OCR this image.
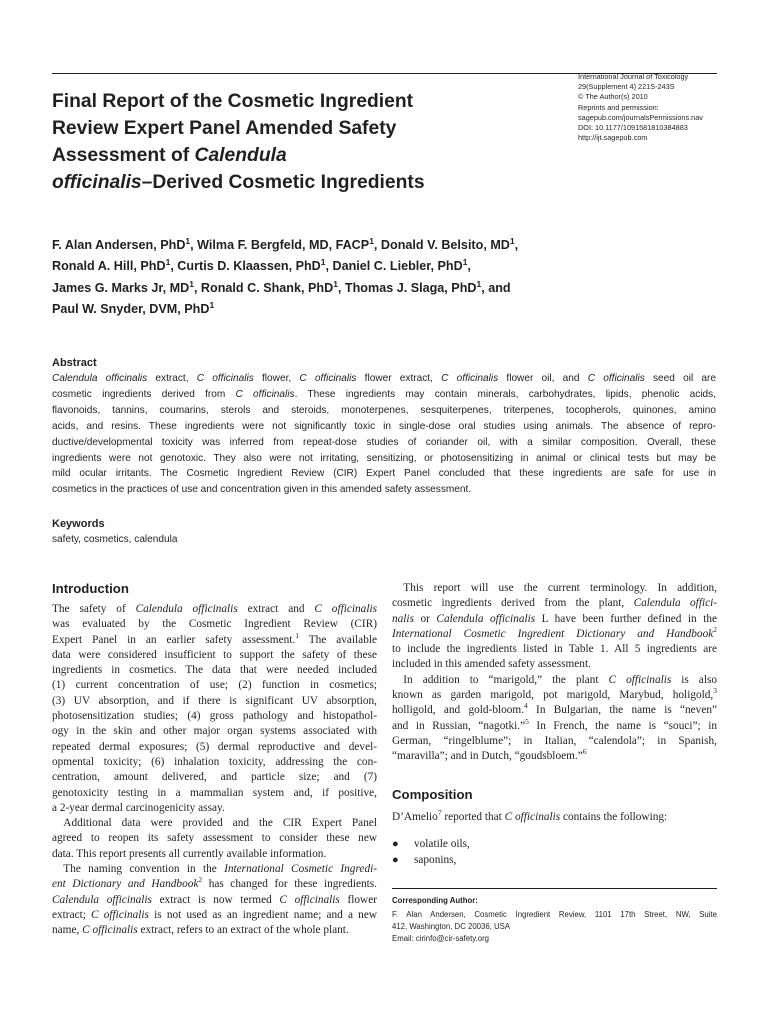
International Journal of Toxicology
29(Supplement 4) 221S-243S
© The Author(s) 2010
Reprints and permission:
sagepub.com/journalsPermissions.nav
DOI: 10.1177/1091581810384883
http://ijt.sagepub.com
Final Report of the Cosmetic Ingredient
Review Expert Panel Amended Safety
Assessment of Calendula
officinalis–Derived Cosmetic Ingredients
F. Alan Andersen, PhD$^1$, Wilma F. Bergfeld, MD, FACP$^1$, Donald V. Belsito, $MD^1$,
Ronald A. Hill, PhD$^1$, Curtis D. Klaassen, PhD$^1$, Daniel C. Liebler, PhD$^1$,
James G. Marks Jr, $MD^1$, Ronald C. Shank, PhD$^1$, Thomas J. Slaga, PhD$^1$, and
Paul W. Snyder, DVM, PhD$^1$
Abstract
Calendula officinalis extract, C officinalis flower, C officinalis flower extract, C officinalis flower oil, and C officinalis seed oil are
cosmetic ingredients derived from C officinalis. These ingredients may contain minerals, carbohydrates, lipids, phenolic acids,
flavonoids, tannins, coumarins, sterols and steroids, monoterpenes, sesquiterpenes, triterpenes, tocopherols, quinones, amino
acids, and resins. These ingredients were not significantly toxic in single-dose oral studies using animals. The absence of repro-
ductive/developmental toxicity was inferred from repeat-dose studies of coriander oil, with a similar composition. Overall, these
ingredients were not genotoxic. They also were not irritating, sensitizing, or photosensitizing in animal or clinical tests but may be
mild ocular irritants. The Cosmetic Ingredient Review (CIR) Expert Panel concluded that these ingredients are safe for use in
cosmetics in the practices of use and concentration given in this amended safety assessment.
Keywords
safety, cosmetics, calendula
Introduction
The safety of Calendula officinalis extract and C officinalis
was evaluated by the Cosmetic Ingredient Review (CIR)
Expert Panel in an earlier safety assessment.$^1$ The available
data were considered insufficient to support the safety of these
ingredients in cosmetics. The data that were needed included
(1) current concentration of use; (2) function in cosmetics;
(3) UV absorption, and if there is significant UV absorption,
photosensitization studies; (4) gross pathology and histopathol-
ogy in the skin and other major organ systems associated with
repeated dermal exposures; (5) dermal reproductive and devel-
opmental toxicity; (6) inhalation toxicity, addressing the con-
centration, amount delivered, and particle size; and (7)
genotoxicity testing in a mammalian system and, if positive,
a 2-year dermal carcinogenicity assay.
 Additional data were provided and the CIR Expert Panel
agreed to reopen its safety assessment to consider these new
data. This report presents all currently available information.
 The naming convention in the International Cosmetic Ingredi-
ent Dictionary and Handbook$^2$ has changed for these ingredients.
Calendula officinalis extract is now termed C officinalis flower
extract; C officinalis is not used as an ingredient name; and a new
name, C officinalis extract, refers to an extract of the whole plant.
 This report will use the current terminology. In addition,
cosmetic ingredients derived from the plant, Calendula offici-
nalis or Calendula officinalis L have been further defined in the
International Cosmetic Ingredient Dictionary and Handbook$^2$
to include the ingredients listed in Table 1. All 5 ingredients are
included in this amended safety assessment.
 In addition to “marigold,” the plant C officinalis is also
known as garden marigold, pot marigold, Marybud, holigold,$^3$
holligold, and gold-bloom.$^4$ In Bulgarian, the name is “neven”
and in Russian, “nagotki.”$^5$ In French, the name is “souci”; in
German, “ringelblume”; in Italian, “calendola”; in Spanish,
“maravilla”; and in Dutch, “goudsbloem.”$^6$
Composition
D’Amelio$^7$ reported that C officinalis contains the following:
● volatile oils,
● saponins,
Corresponding Author:
F. Alan Andersen, Cosmetic Ingredient Review, 1101 17th Street, NW, Suite
412, Washington, DC 20036, USA
Email: cirinfo@cir-safety.org
